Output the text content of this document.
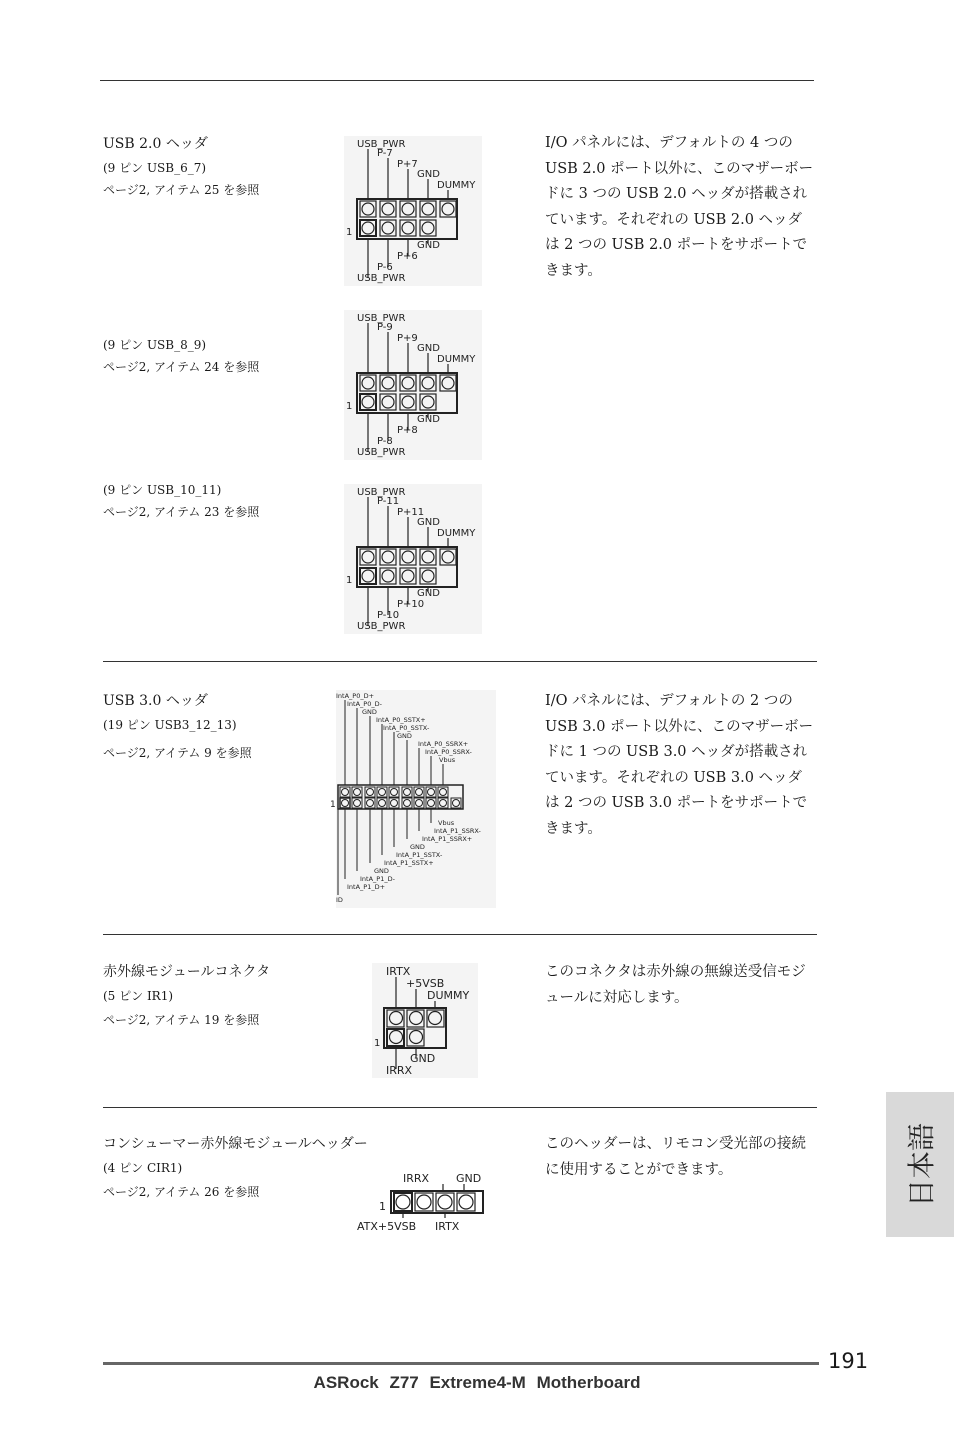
USB 2.0 ヘッダ
(9 ピン USB_6_7)
ページ2, アイテム 25 を参照
(9 ピン USB_8_9)
ページ2, アイテム 24 を参照
(9 ピン USB_10_11)
ページ2, アイテム 23 を参照
I/O パネルには、デフォルトの 4 つの USB 2.0 ポート以外に、このマザーボードに 3 つの USB 2.0 ヘッダが搭載されています。それぞれの USB 2.0 ヘッダは 2 つの USB 2.0 ポートをサポートできます。
USB_PWR
P-7
P+7
GND
DUMMY
1
GND
P+6
P-6
USB_PWR
USB_PWR
P-9
P+9
GND
DUMMY
1
GND
P+8
P-8
USB_PWR
USB_PWR
P-11
P+11
GND
DUMMY
1
GND
P+10
P-10
USB_PWR
USB 3.0 ヘッダ
(19 ピン USB3_12_13)
ページ2, アイテム 9 を参照
I/O パネルには、デフォルトの 2 つの USB 3.0 ポート以外に、このマザーボードに 1 つの USB 3.0 ヘッダが搭載されています。それぞれの USB 3.0 ヘッダは 2 つの USB 3.0 ポートをサポートできます。
IntA_P0_D+
IntA_P0_D-
GND
IntA_P0_SSTX+
IntA_P0_SSTX-
GND
IntA_P0_SSRX+
IntA_P0_SSRX-
Vbus
1
Vbus
IntA_P1_SSRX-
IntA_P1_SSRX+
GND
IntA_P1_SSTX-
IntA_P1_SSTX+
GND
IntA_P1_D-
IntA_P1_D+
ID
赤外線モジュールコネクタ
(5 ピン IR1)
ページ2, アイテム 19 を参照
このコネクタは赤外線の無線送受信モジュールに対応します。
IRTX
+5VSB
DUMMY
1
GND
IRRX
コンシューマー赤外線モジュールヘッダー
(4 ピン CIR1)
ページ2, アイテム 26 を参照
このヘッダーは、リモコン受光部の接続に使用することができます。
IRRX GND
1
ATX+5VSB IRTX
日本語
191
ASRock Z77 Extreme4-M Motherboard
